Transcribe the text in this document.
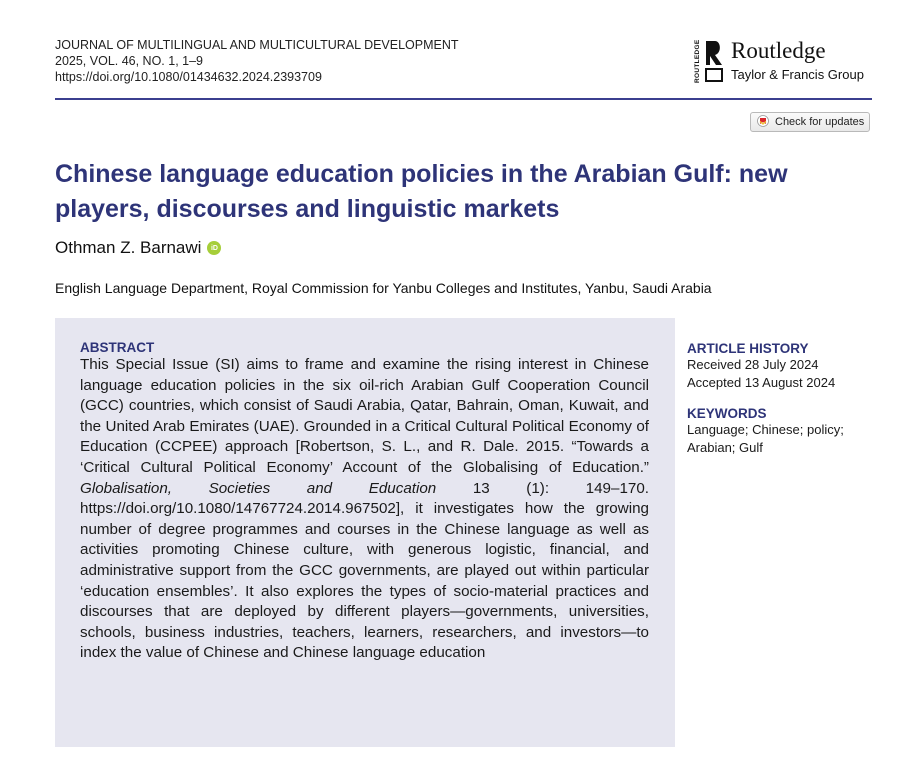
JOURNAL OF MULTILINGUAL AND MULTICULTURAL DEVELOPMENT
2025, VOL. 46, NO. 1, 1–9
https://doi.org/10.1080/01434632.2024.2393709	ROUTLEDGE Routledge
Taylor & Francis Group
Check for updates
Chinese language education policies in the Arabian Gulf: new players, discourses and linguistic markets
Othman Z. Barnawi	iD
English Language Department, Royal Commission for Yanbu Colleges and Institutes, Yanbu, Saudi Arabia
ABSTRACT

This Special Issue (SI) aims to frame and examine the rising interest in Chinese language education policies in the six oil-rich Arabian Gulf Cooperation Council (GCC) countries, which consist of Saudi Arabia, Qatar, Bahrain, Oman, Kuwait, and the United Arab Emirates (UAE). Grounded in a Critical Cultural Political Economy of Education (CCPEE) approach [Robertson, S. L., and R. Dale. 2015. “Towards a ‘Critical Cultural Political Economy’ Account of the Globalising of Education.” Globalisation, Societies and Education 13 (1): 149–170. https://doi.org/10.1080/14767724.2014.967502], it investigates how the growing number of degree programmes and courses in the Chinese language as well as activities promoting Chinese culture, with generous logistic, financial, and administrative support from the GCC governments, are played out within particular ‘education ensembles’. It also explores the types of socio-material practices and discourses that are deployed by different players—governments, universities, schools, business industries, teachers, learners, researchers, and investors—to index the value of Chinese and Chinese language education

ARTICLE HISTORY
Received 28 July 2024
Accepted 13 August 2024
KEYWORDS
Language; Chinese; policy;
Arabian; Gulf
